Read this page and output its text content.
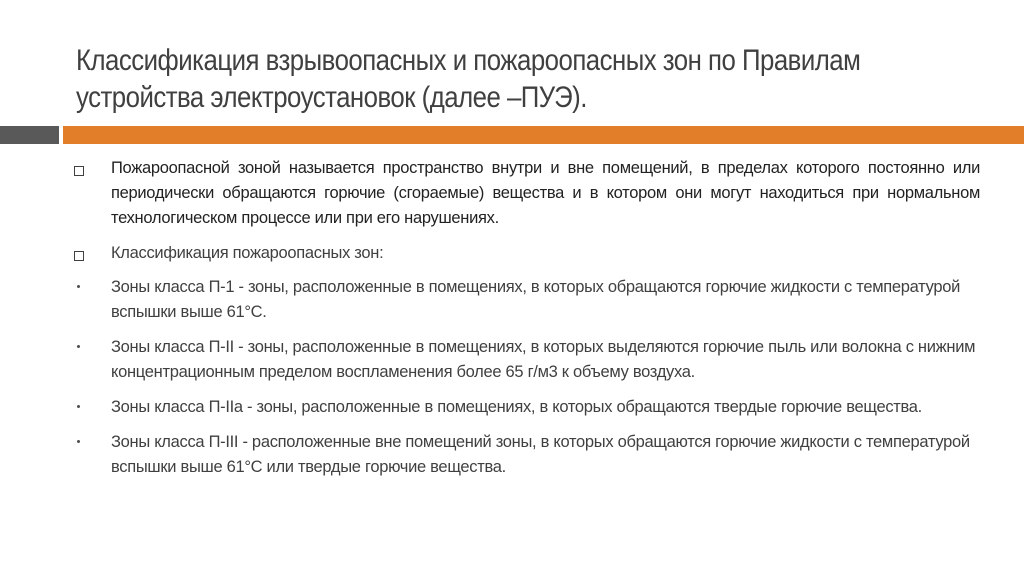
Классификация взрывоопасных и пожароопасных зон по Правилам
устройства электроустановок (далее –ПУЭ).
Пожароопасной зоной называется пространство внутри и вне помещений, в пределах которого постоянно или периодически обращаются горючие (сгораемые) вещества и в котором они могут находиться при нормальном технологическом процессе или при его нарушениях.
Классификация пожароопасных зон:
Зоны класса П-1 - зоны, расположенные в помещениях, в которых обращаются горючие жидкости с температурой вспышки выше 61°С.
Зоны класса П-II - зоны, расположенные в помещениях, в которых выделяются горючие пыль или волокна с нижним концентрационным пределом воспламенения более 65 г/м3 к объему воздуха.
Зоны класса П-IIа - зоны, расположенные в помещениях, в которых обращаются твердые горючие вещества.
Зоны класса П-III - расположенные вне помещений зоны, в которых обращаются горючие жидкости с температурой вспышки выше 61°С или твердые горючие вещества.
